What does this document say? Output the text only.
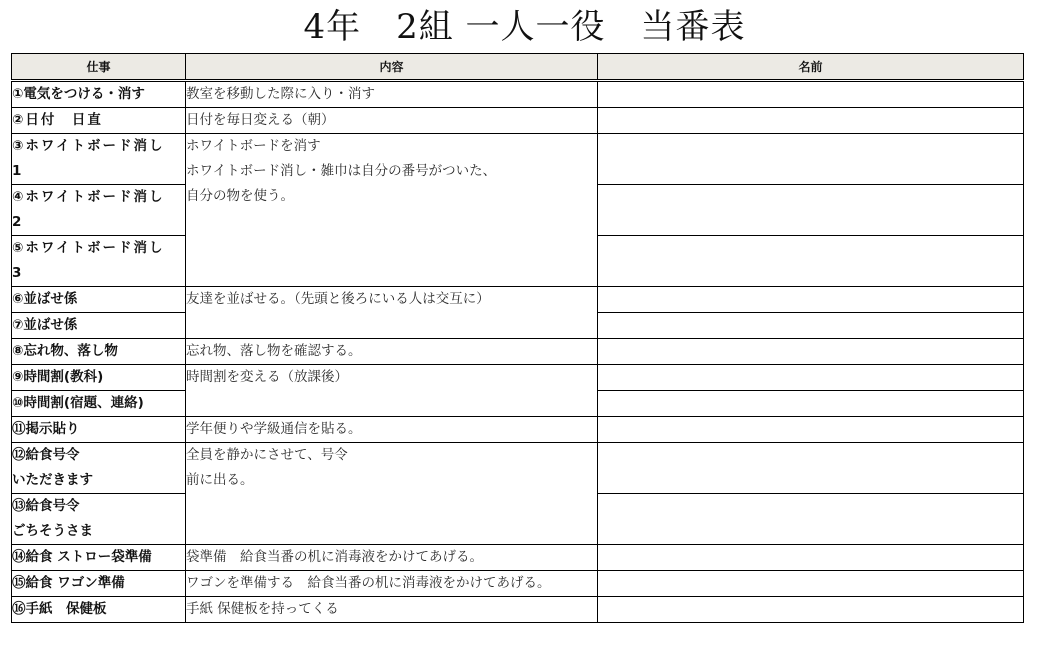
4年　2組 一人一役　当番表
仕事	内容	名前
①電気をつける・消す	教室を移動した際に入り・消す	

②日付　日直	日付を毎日変える（朝）	

③ホワイトボード消し
1	ホワイトボードを消す
ホワイトボード消し・雑巾は自分の番号がついた、
自分の物を使う。	

④ホワイトボード消し
2		
⑤ホワイトボード消し
3		
⑥並ばせ係	友達を並ばせる。（先頭と後ろにいる人は交互に）	

⑦並ばせ係		
⑧忘れ物、落し物	忘れ物、落し物を確認する。	

⑨時間割(教科)	時間割を変える（放課後）	

⑩時間割(宿題、連絡)		
⑪掲示貼り	学年便りや学級通信を貼る。	

⑫給食号令
いただきます	全員を静かにさせて、号令
前に出る。	

⑬給食号令
ごちそうさま		
⑭給食 ストロー袋準備	袋準備　給食当番の机に消毒液をかけてあげる。	

⑮給食 ワゴン準備	ワゴンを準備する　給食当番の机に消毒液をかけてあげる。	

⑯手紙　保健板	手紙 保健板を持ってくる	
